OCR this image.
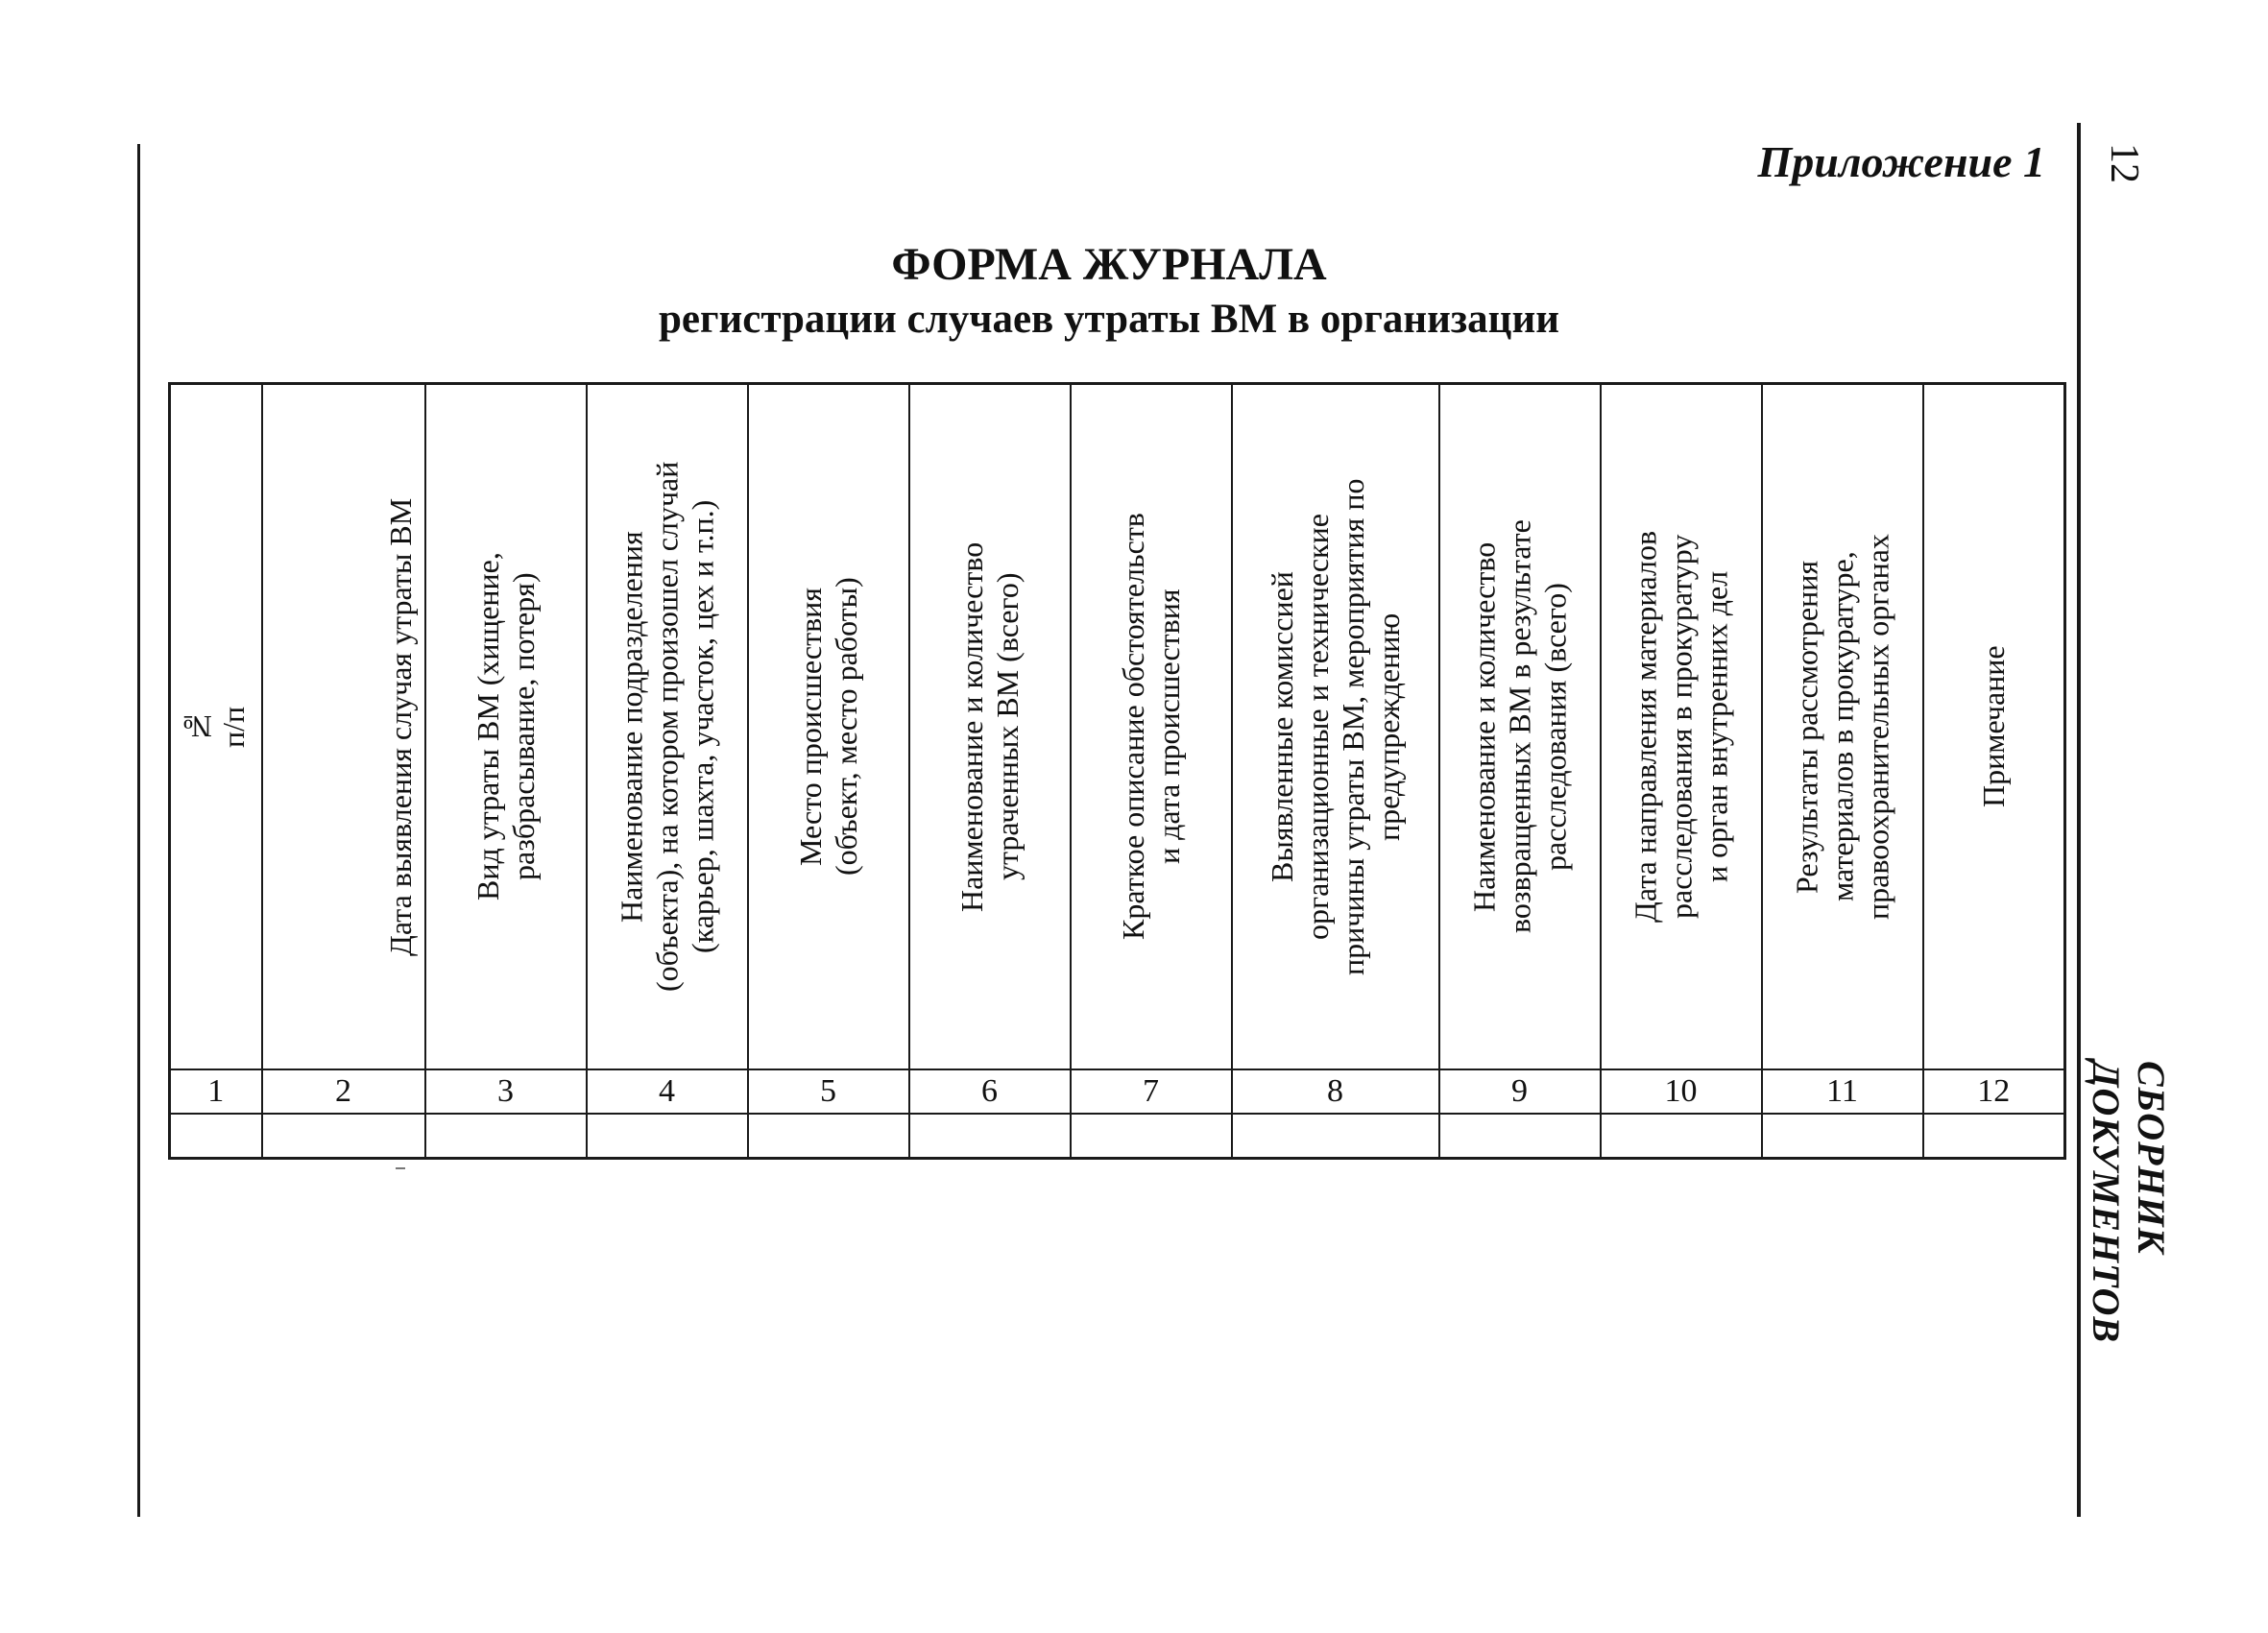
Приложение 1 12
СБОРНИК ДОКУМЕНТОВ
ФОРМА ЖУРНАЛА
регистрации случаев утраты ВМ в организации
№ п/п	Дата выявления случая утраты ВМ	Вид утраты ВМ (хищение, разбрасывание, потеря)	Наименование подразделения (объекта), на котором произошел случай (карьер, шахта, участок, цех и т.п.)	Место происшествия (объект, место работы)	Наименование и количество утраченных ВМ (всего)	Краткое описание обстоятельств и дата происшествия	Выявленные комиссией организационные и технические причины утраты ВМ, мероприятия по предупреждению	Наименование и количество возвращенных ВМ в результате расследования (всего)	Дата направления материалов расследования в прокуратуру и орган внутренних дел	Результаты рассмотрения материалов в прокуратуре, правоохранительных органах	Примечание

1	2	3	4	5	6	7	8	9	10	11	12
